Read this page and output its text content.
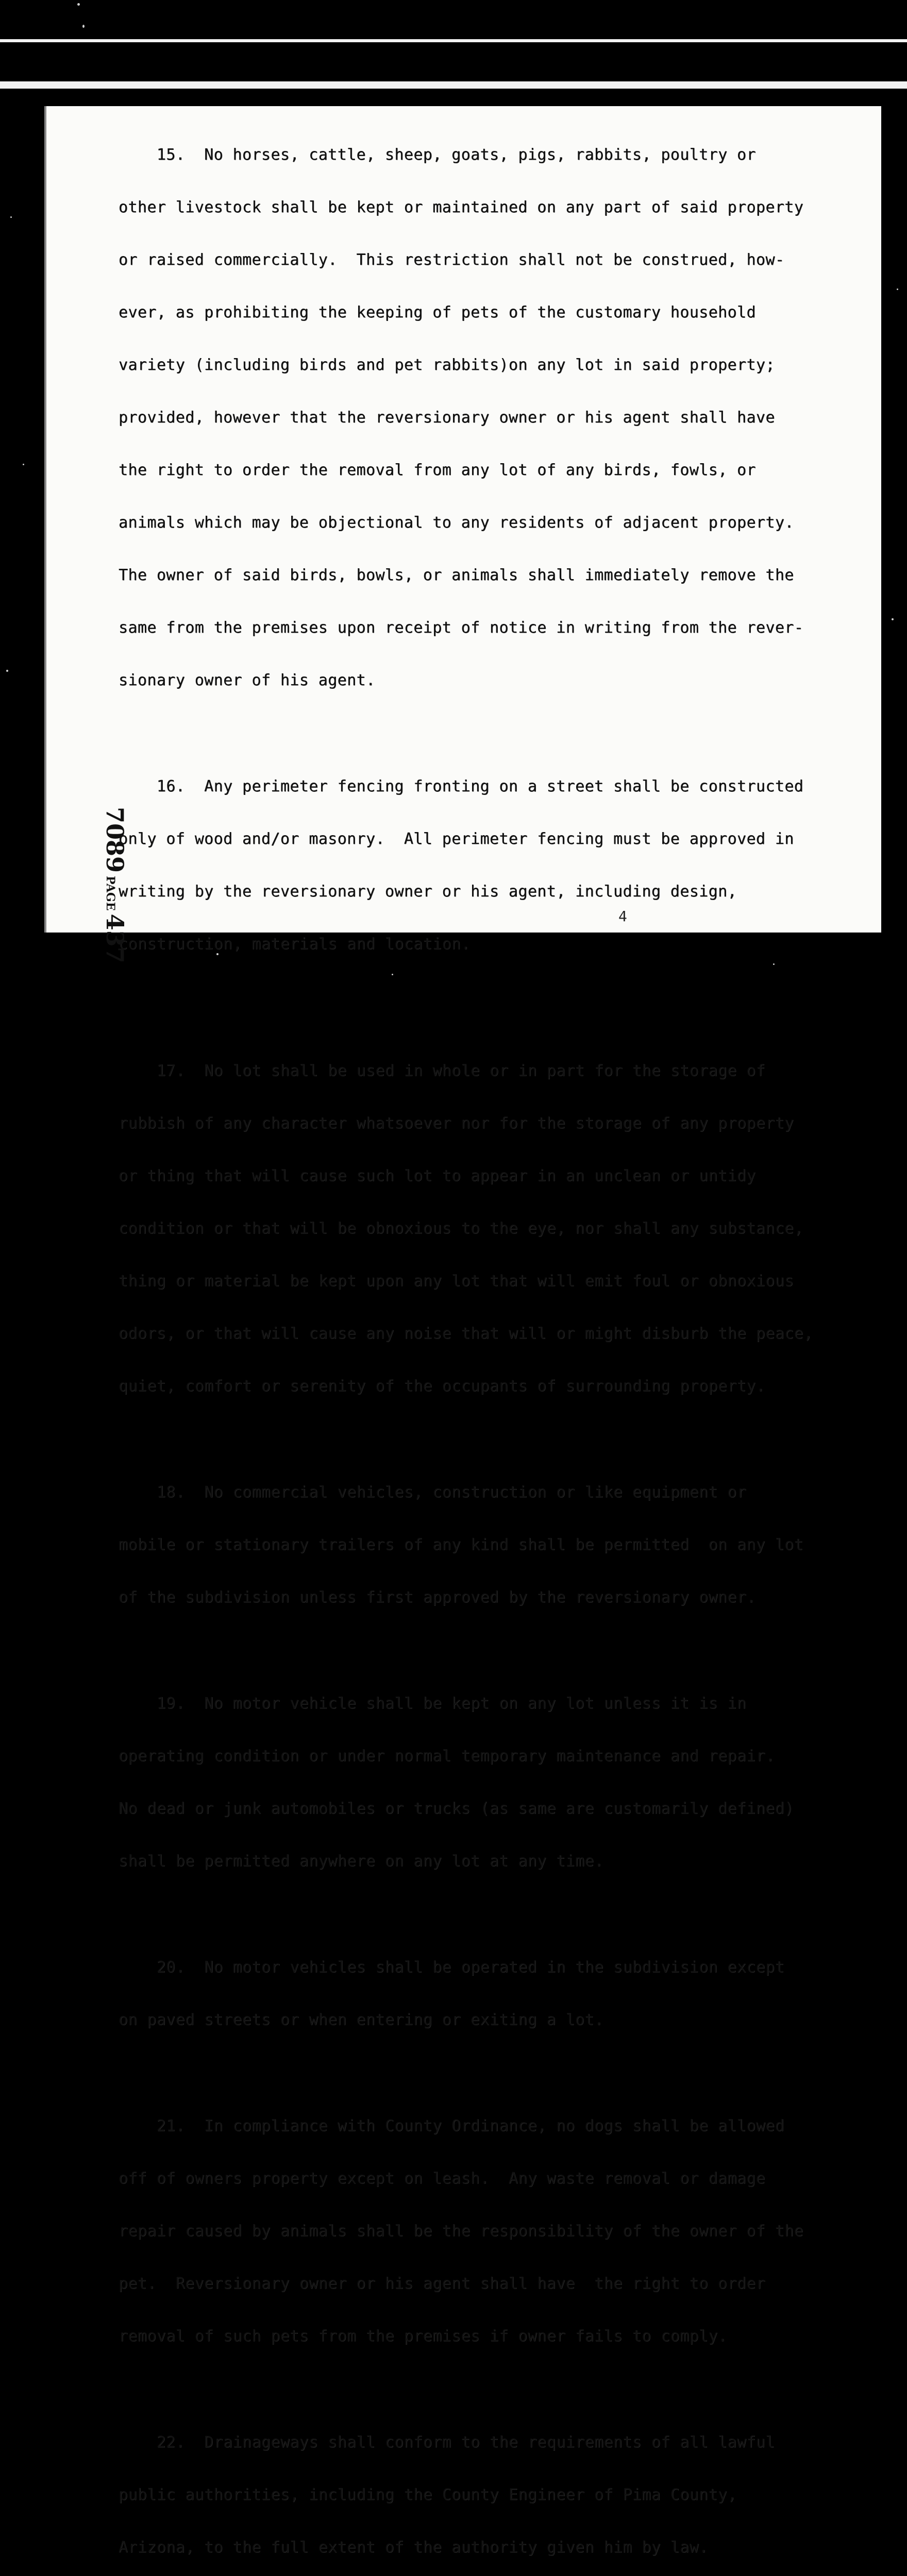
15.  No horses, cattle, sheep, goats, pigs, rabbits, poultry or

other livestock shall be kept or maintained on any part of said property

or raised commercially.  This restriction shall not be construed, how-

ever, as prohibiting the keeping of pets of the customary household

variety (including birds and pet rabbits)on any lot in said property;

provided, however that the reversionary owner or his agent shall have

the right to order the removal from any lot of any birds, fowls, or

animals which may be objectional to any residents of adjacent property.

The owner of said birds, bowls, or animals shall immediately remove the

same from the premises upon receipt of notice in writing from the rever-

sionary owner of his agent.

16.  Any perimeter fencing fronting on a street shall be constructed

only of wood and/or masonry.  All perimeter fencing must be approved in

writing by the reversionary owner or his agent, including design,

construction, materials and location.

17.  No lot shall be used in whole or in part for the storage of

rubbish of any character whatsoever nor for the storage of any property

or thing that will cause such lot to appear in an unclean or untidy

condition or that will be obnoxious to the eye, nor shall any substance,

thing or material be kept upon any lot that will emit foul or obnoxious

odors, or that will cause any noise that will or might disburb the peace,

quiet, comfort or serenity of the occupants of surrounding property.

18.  No commercial vehicles, construction or like equipment or

mobile or stationary trailers of any kind shall be permitted  on any lot

of the subdivision unless first approved by the reversionary owner.

19.  No motor vehicle shall be kept on any lot unless it is in

operating condition or under normal temporary maintenance and repair.

No dead or junk automobiles or trucks (as same are customarily defined)

shall be permitted anywhere on any lot at any time.

20.  No motor vehicles shall be operated in the subdivision except

on paved streets or when entering or exiting a lot.

21.  In compliance with County Ordinance, no dogs shall be allowed

off of owners property except on leash.  Any waste removal or damage

repair caused by animals shall be the responsibility of the owner of the

pet.  Reversionary owner or his agent shall have  the right to order

removal of such pets from the premises if owner fails to comply.

22.  Drainageways shall conform to the requirements of all lawful

public authorities, including the County Engineer of Pima County,

Arizona, to the full extent of the authority given him by law.

7089PAGE437	4
